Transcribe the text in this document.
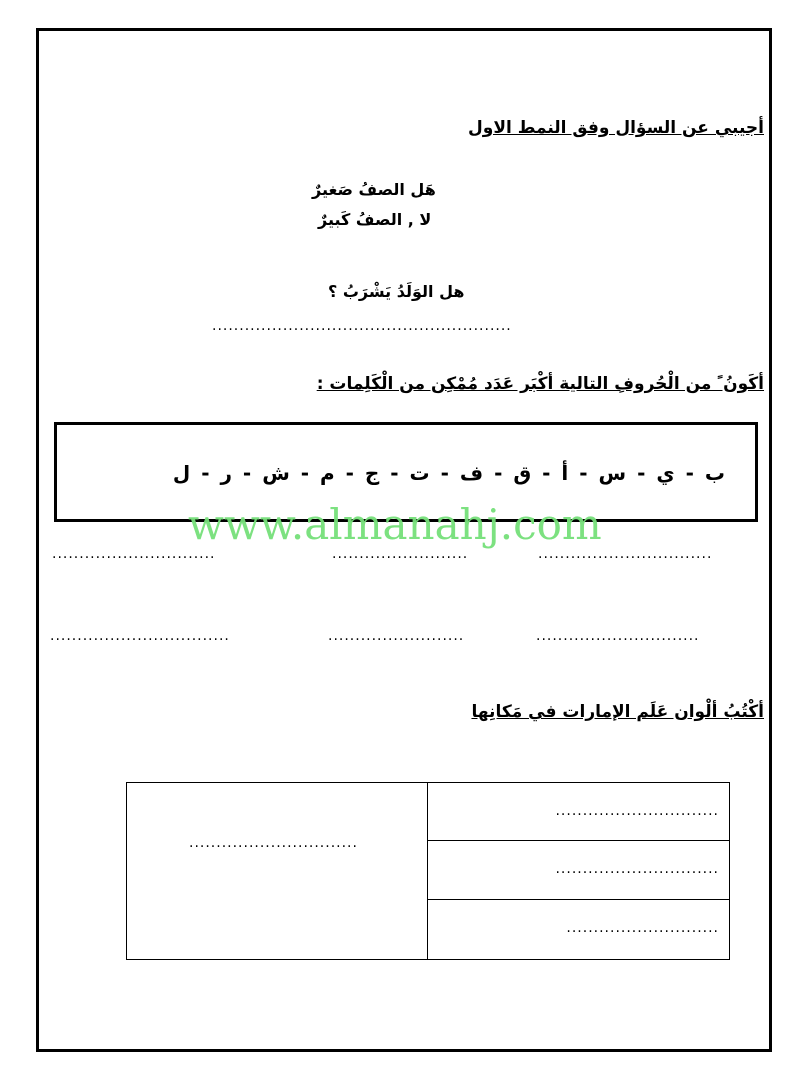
أجيبي عن السؤال وفق النمط الاول
هَل الصفُ صَغيرٌ
لا , الصفُ كَبيرٌ
هل الوَلَدُ يَشْرَبُ ؟
.......................................................
أكَونُ ً من الْحُروفِ التالية أكْبَر عَدَد مُمْكِن من الْكَلِمات :
ب - ي - س - أ - ق - ف - ت - ج - م - ش - ر - ل
www.almanahj.com
..............................	.........................	................................
.................................	.........................	..............................
أكْتُبُ ألْوان عَلَم الإمارات في مَكانِها
...............................
..............................
..............................
............................
